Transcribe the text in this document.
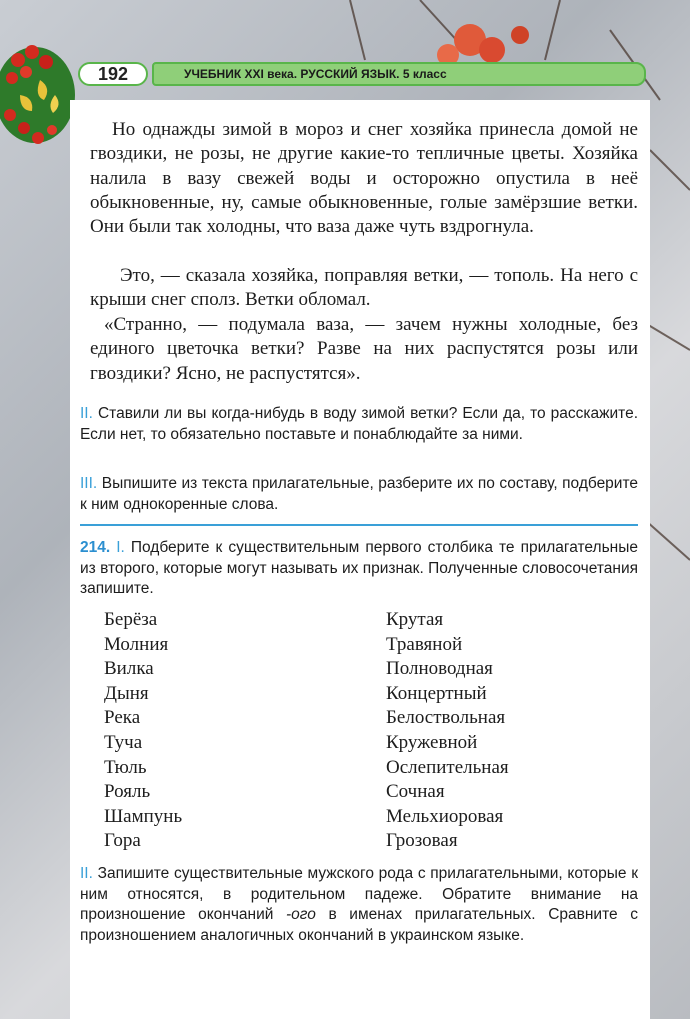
192	УЧЕБНИК XXI века. РУССКИЙ ЯЗЫК. 5 класс

Но однажды зимой в мороз и снег хозяйка принесла домой не гвоздики, не розы, не другие какие-то тепличные цветы. Хозяйка налила в вазу свежей воды и осторожно опустила в неё обыкновенные, ну, самые обыкновенные, голые замёрзшие ветки. Они были так холодны, что ваза даже чуть вздрогнула.

Это, — сказала хозяйка, поправляя ветки, — тополь. На него с крыши снег сполз. Ветки обломал.

«Странно, — подумала ваза, — зачем нужны холодные, без единого цветочка ветки? Разве на них распустятся розы или гвоздики? Ясно, не распустятся».

II. Ставили ли вы когда-нибудь в воду зимой ветки? Если да, то расскажите. Если нет, то обязательно поставьте и понаблюдайте за ними.

III. Выпишите из текста прилагательные, разберите их по составу, подберите к ним однокоренные слова.

214. I. Подберите к существительным первого столбика те прилагательные из второго, которые могут называть их признак. Полученные словосочетания запишите.

Берёза	Крутая
Молния	Травяной
Вилка	Полноводная
Дыня	Концертный
Река	Белоствольная
Туча	Кружевной
Тюль	Ослепительная
Рояль	Сочная
Шампунь	Мельхиоровая
Гора	Грозовая

II. Запишите существительные мужского рода с прилагательными, которые к ним относятся, в родительном падеже. Обратите внимание на произношение окончаний -ого в именах прилагательных. Сравните с произношением аналогичных окончаний в украинском языке.
